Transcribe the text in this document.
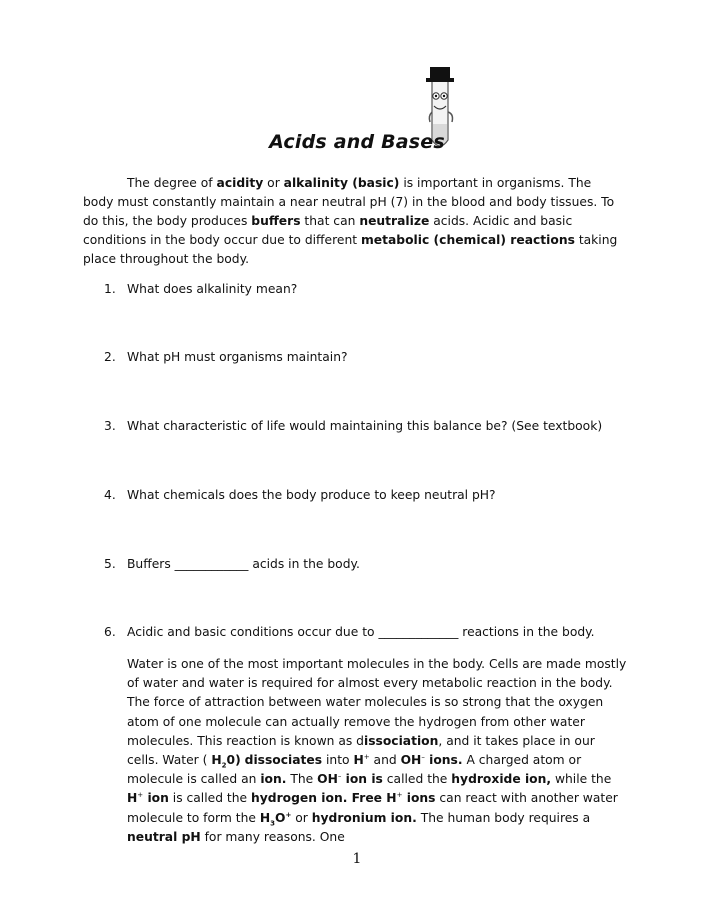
Acids and Bases

The degree of acidity or alkalinity (basic) is important in organisms. The body must constantly maintain a near neutral pH (7) in the blood and body tissues. To do this, the body produces buffers that can neutralize acids. Acidic and basic conditions in the body occur due to different metabolic (chemical) reactions taking place throughout the body.

1. What does alkalinity mean?
2. What pH must organisms maintain?
3. What characteristic of life would maintaining this balance be? (See textbook)
4. What chemicals does the body produce to keep neutral pH?
5. Buffers ____________ acids in the body.
6. Acidic and basic conditions occur due to _____________ reactions in the body.

Water is one of the most important molecules in the body. Cells are made mostly of water and water is required for almost every metabolic reaction in the body. The force of attraction between water molecules is so strong that the oxygen atom of one molecule can actually remove the hydrogen from other water molecules. This reaction is known as dissociation, and it takes place in our cells. Water ( $H_20$) dissociates into H+ and OH– ions. A charged atom or molecule is called an ion. The OH– ion is called the hydroxide ion, while the H+ ion is called the hydrogen ion. Free H+ ions can react with another water molecule to form the $H_3O^+$ or hydronium ion. The human body requires a neutral pH for many reasons. One

1
